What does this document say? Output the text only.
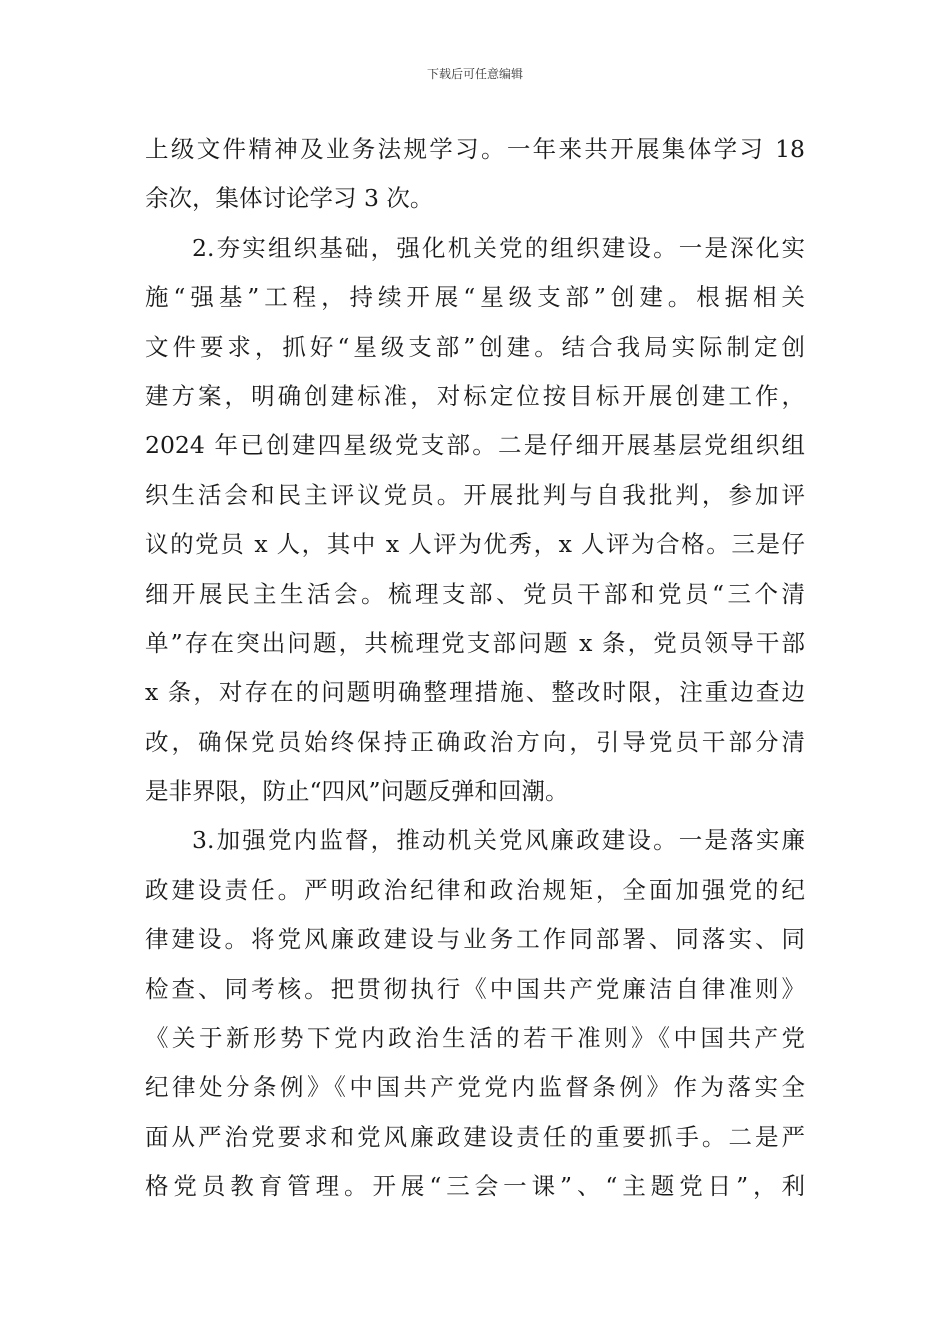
下载后可任意编辑
上级文件精神及业务法规学习。一年来共开展集体学习 18
余次，集体讨论学习 3 次。
2.夯实组织基础，强化机关党的组织建设。一是深化实
施“强基”工程，持续开展“星级支部”创建。根据相关
文件要求，抓好“星级支部”创建。结合我局实际制定创
建方案，明确创建标准，对标定位按目标开展创建工作，
2024 年已创建四星级党支部。二是仔细开展基层党组织组
织生活会和民主评议党员。开展批判与自我批判，参加评
议的党员 x 人，其中 x 人评为优秀，x 人评为合格。三是仔
细开展民主生活会。梳理支部、党员干部和党员“三个清
单”存在突出问题，共梳理党支部问题 x 条，党员领导干部
x 条，对存在的问题明确整理措施、整改时限，注重边查边
改，确保党员始终保持正确政治方向，引导党员干部分清
是非界限，防止“四风”问题反弹和回潮。
3.加强党内监督，推动机关党风廉政建设。一是落实廉
政建设责任。严明政治纪律和政治规矩，全面加强党的纪
律建设。将党风廉政建设与业务工作同部署、同落实、同
检查、同考核。把贯彻执行《中国共产党廉洁自律准则》
《关于新形势下党内政治生活的若干准则》《中国共产党
纪律处分条例》《中国共产党党内监督条例》作为落实全
面从严治党要求和党风廉政建设责任的重要抓手。二是严
格党员教育管理。开展“三会一课”、“主题党日”，利
